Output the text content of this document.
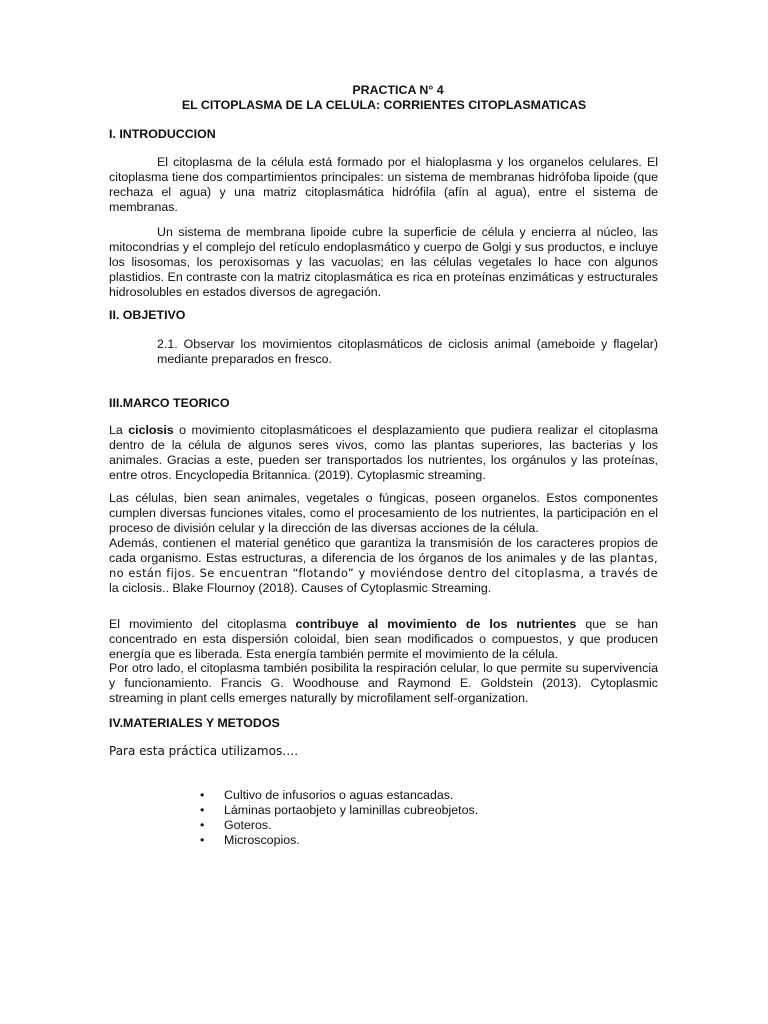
PRACTICA N° 4
EL CITOPLASMA DE LA CELULA: CORRIENTES CITOPLASMATICAS
I. INTRODUCCION
El citoplasma de la célula está formado por el hialoplasma y los organelos celulares. El citoplasma tiene dos compartimientos principales: un sistema de membranas hidrófoba lipoide (que rechaza el agua) y una matriz citoplasmática hidrófila (afín al agua), entre el sistema de membranas.
Un sistema de membrana lipoide cubre la superficie de célula y encierra al núcleo, las mitocondrias y el complejo del retículo endoplasmático y cuerpo de Golgi y sus productos, e incluye los lisosomas, los peroxisomas y las vacuolas; en las células vegetales lo hace con algunos plastidios. En contraste con la matriz citoplasmática es rica en proteínas enzimáticas y estructurales hidrosolubles en estados diversos de agregación.
II. OBJETIVO
2.1. Observar los movimientos citoplasmáticos de ciclosis animal (ameboide y flagelar) mediante preparados en fresco.
III.MARCO TEORICO
La ciclosis o movimiento citoplasmáticoes el desplazamiento que pudiera realizar el citoplasma dentro de la célula de algunos seres vivos, como las plantas superiores, las bacterias y los animales. Gracias a este, pueden ser transportados los nutrientes, los orgánulos y las proteínas, entre otros. Encyclopedia Britannica. (2019). Cytoplasmic streaming.
Las células, bien sean animales, vegetales o fúngicas, poseen organelos. Estos componentes cumplen diversas funciones vitales, como el procesamiento de los nutrientes, la participación en el proceso de división celular y la dirección de las diversas acciones de la célula.
Además, contienen el material genético que garantiza la transmisión de los caracteres propios de cada organismo. Estas estructuras, a diferencia de los órganos de los animales y de las plantas, no están fijos. Se encuentran “flotando” y moviéndose dentro del citoplasma, a través de la ciclosis.. Blake Flournoy (2018). Causes of Cytoplasmic Streaming.
El movimiento del citoplasma contribuye al movimiento de los nutrientes que se han concentrado en esta dispersión coloidal, bien sean modificados o compuestos, y que producen energía que es liberada. Esta energía también permite el movimiento de la célula.
Por otro lado, el citoplasma también posibilita la respiración celular, lo que permite su supervivencia y funcionamiento. Francis G. Woodhouse and Raymond E. Goldstein (2013). Cytoplasmic streaming in plant cells emerges naturally by microfilament self-organization.
IV.MATERIALES Y METODOS
Para esta práctica utilizamos….
• Cultivo de infusorios o aguas estancadas.
• Láminas portaobjeto y laminillas cubreobjetos.
• Goteros.
• Microscopios.
